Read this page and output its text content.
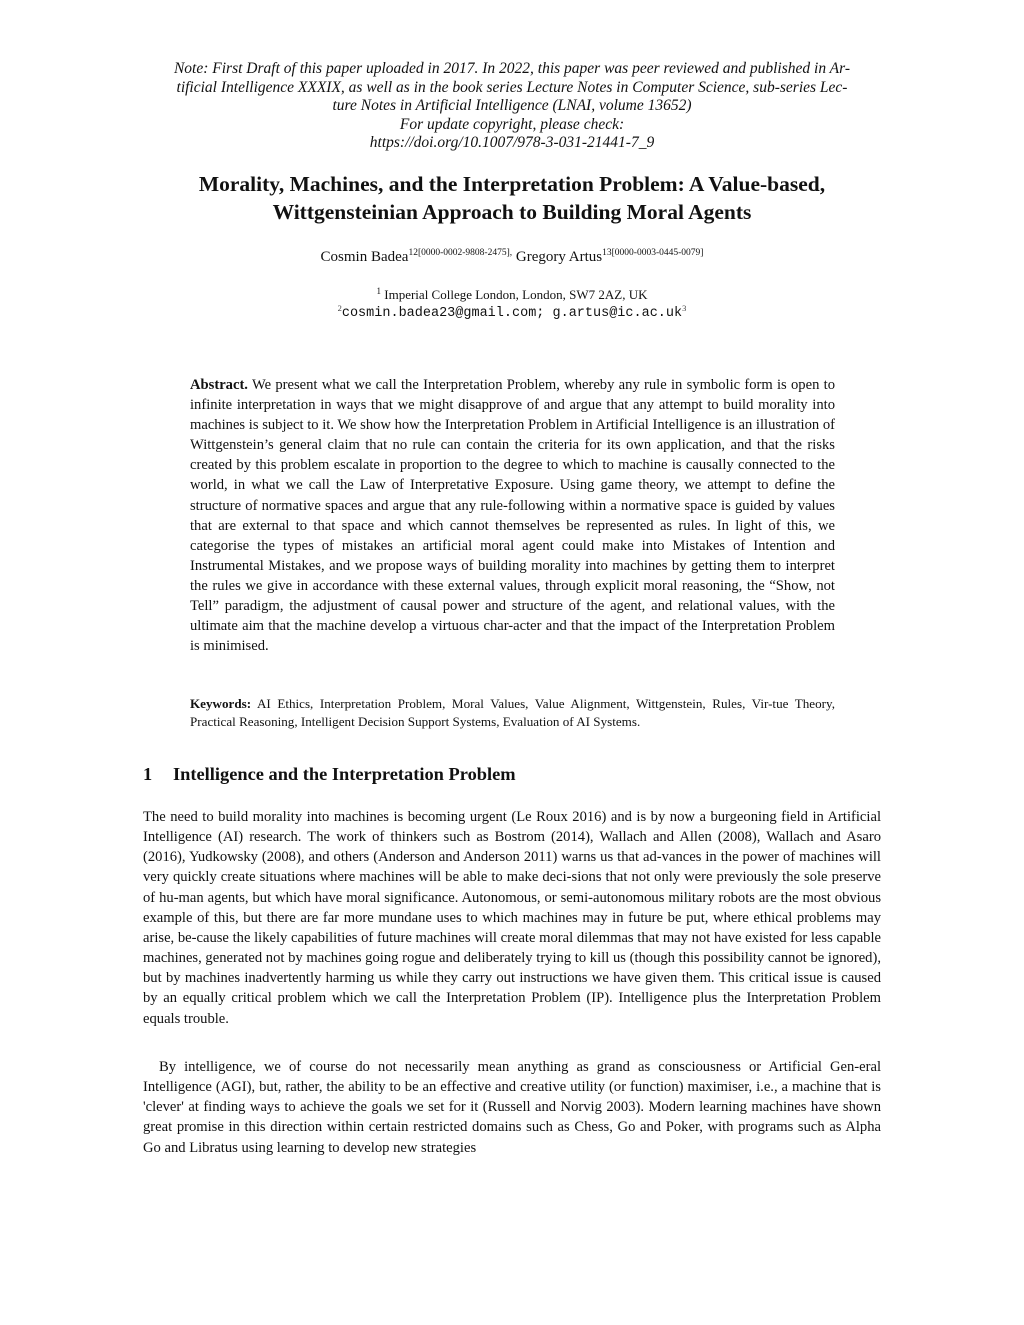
Note: First Draft of this paper uploaded in 2017. In 2022, this paper was peer reviewed and published in Ar-
tificial Intelligence XXXIX, as well as in the book series Lecture Notes in Computer Science, sub-series Lec-
ture Notes in Artificial Intelligence (LNAI, volume 13652)
For update copyright, please check:
https://doi.org/10.1007/978-3-031-21441-7_9
Morality, Machines, and the Interpretation Problem: A Value-based,
Wittgensteinian Approach to Building Moral Agents
Cosmin Badea$^{12[0000-0002-9808-2475],}$ Gregory Artus$^{13[0000-0003-0445-0079]}$
$^1$ Imperial College London, London, SW7 2AZ, UK
$^2$cosmin.badea23@gmail.com; $g.artus@ic.ac.uk^3$

Abstract. We present what we call the Interpretation Problem, whereby any rule in symbolic form is open to infinite interpretation in ways that we might disapprove of and argue that any attempt to build morality into machines is subject to it. We show how the Interpretation Problem in Artificial Intelligence is an illustration of Wittgenstein’s general claim that no rule can contain the criteria for its own application, and that the risks created by this problem escalate in proportion to the degree to which to machine is causally connected to the world, in what we call the Law of Interpretative Exposure. Using game theory, we attempt to define the structure of normative spaces and argue that any rule-following within a normative space is guided by values that are external to that space and which cannot themselves be represented as rules. In light of this, we categorise the types of mistakes an artificial moral agent could make into Mistakes of Intention and Instrumental Mistakes, and we propose ways of building morality into machines by getting them to interpret the rules we give in accordance with these external values, through explicit moral reasoning, the “Show, not Tell” paradigm, the adjustment of causal power and structure of the agent, and relational values, with the ultimate aim that the machine develop a virtuous char-acter and that the impact of the Interpretation Problem is minimised.

Keywords: AI Ethics, Interpretation Problem, Moral Values, Value Alignment, Wittgenstein, Rules, Vir-tue Theory, Practical Reasoning, Intelligent Decision Support Systems, Evaluation of AI Systems.

1 Intelligence and the Interpretation Problem

The need to build morality into machines is becoming urgent (Le Roux 2016) and is by now a burgeoning field in Artificial Intelligence (AI) research. The work of thinkers such as Bostrom (2014), Wallach and Allen (2008), Wallach and Asaro (2016), Yudkowsky (2008), and others (Anderson and Anderson 2011) warns us that ad-vances in the power of machines will very quickly create situations where machines will be able to make deci-sions that not only were previously the sole preserve of hu-man agents, but which have moral significance. Autonomous, or semi-autonomous military robots are the most obvious example of this, but there are far more mundane uses to which machines may in future be put, where ethical problems may arise, be-cause the likely capabilities of future machines will create moral dilemmas that may not have existed for less capable machines, generated not by machines going rogue and deliberately trying to kill us (though this possibility cannot be ignored), but by machines inadvertently harming us while they carry out instructions we have given them. This critical issue is caused by an equally critical problem which we call the Interpretation Problem (IP). Intelligence plus the Interpretation Problem equals trouble.

By intelligence, we of course do not necessarily mean anything as grand as consciousness or Artificial Gen-eral Intelligence (AGI), but, rather, the ability to be an effective and creative utility (or function) maximiser, i.e., a machine that is 'clever' at finding ways to achieve the goals we set for it (Russell and Norvig 2003). Modern learning machines have shown great promise in this direction within certain restricted domains such as Chess, Go and Poker, with programs such as Alpha Go and Libratus using learning to develop new strategies
